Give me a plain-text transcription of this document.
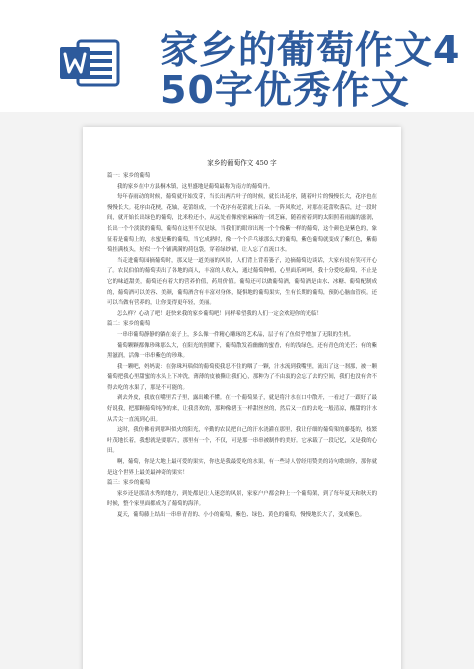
家乡的葡萄作文4
50字优秀作文
家乡的葡萄作文 450 字

篇一：家乡的葡萄

我的家乡在中方县桐木镇，这里盛地是葡萄最称为南方的葡萄丹。

每年春雨动的时候，葡萄就开始发芽，当长出两片叶子的时候，就长出花序，随着叶片的慢慢长大，花序也在慢慢长大。花序由花梗，花轴，花蕾组成，一个花序有花蕾就上百朵。一阵风吹过，对那在花蕾吹落后，过一段时间，就开始长出绿色的葡萄，比米粒还小，从远处看像密密麻麻的一团芝麻，随着密着到的太阳照着雨露的滋润，长出一个个淡淡的葡萄，葡萄在这里不仅是绿，当我们的眼帘出现一个个像紫一样的葡萄，这个颜色是紫色的，象征着是葡萄上的，水蜜是紫的葡萄，当它成熟时，像一个个乒乓球那么大的葡萄，紫色葡萄就变成了紫红色，紫葡萄挂满枝头，好似一个个铺满满的荷包袋，穿着绿纱裙，让人忘了直流口水。

当走进葡萄园摘葡萄时，那又是一道美丽的风景，人们背上背着篓子，边摘葡萄边谈话，大家有说有笑可开心了。农民伯伯的葡萄卖出了各地的商人，丰富的人收入，通过葡萄种植，心里面乐呵呵，我十分爱吃葡萄，不止是它的味道甜美，葡萄还有着大的营养价值，药用价值。葡萄还可以做葡萄酒，葡萄酒是由水、冰糖、葡萄配制成的，葡萄酒可以美容、美颜，葡萄酒含有丰富对身体，疑惧地的葡萄果实，生有长期的葡萄，预防心脑血管疾。还可以当做有营养的，让你变得更年轻，美丽。

怎么样？心动了吧！赶快来我的家乡葡萄吧！同样希望我的人们一定会欢迎你的光临！

篇二：家乡的葡萄

一串串葡萄静静的躺在桌子上，多么像一件精心雕琢的艺术品，层子有了鱼似乎增加了无限的生机。

葡萄颗颗都像珍珠那么大，在阳光的照耀下，葡萄散发着幽幽的蜜香，有的浅绿色，还有青色的光芒；有的紫黑滋润，活像一串串紫色的珍珠。

我一颗吧，妈妈说：在弥珠玛瑙似的葡萄使我忍不住的咽了一颗，汁水流到我嘴里，流出了这一刹那，被一颗葡萄把我心里甜蜜的水头上下冲洗，薄薄的皮被撕让我们心，那种为了不由衷的会忘了去的空间，我们也没有舍不得去吃的水果了，那是不可能的。

剥去外皮，我放在嘴里舌子里，露出嫩不懂。在一个葡萄果子，就是将汁水在口中散开，一看过了一跟好了最好说我，把那颗葡萄纯净的来，让我喜欢的，那种像碧玉一样甜丝丝的，然后又一直的去吃一般清凉，酸甜的汁水从舌尖一直流到心田。

这时，我仿佛看到那叫似火的阳光，辛勤的农民把自己的汗水浇灌在那里，我让仔细的葡萄架的藤蔓的，枝繁叶茂地长着，我想就是要那片，那里有一个，不仅，可是那一串串被制作的美好。它承载了一段记忆，又是我的心田。

啊，葡萄，你是大地上最可爱的果实，你也是我最爱吃的水果，有一些诗人曾经用赞美的诗句歌颂你，那你就是这个世界上最美最神奇的果实！

篇三：家乡的葡萄

家乡还是那清水秀的地方，到处都是让人迷恋的风景，家家户户都会种上一个葡萄架，到了每年夏天和秋天的时候，整个家里面都成为了葡萄的海洋。

夏天，葡萄藤上结出一串串青青的、小小的葡萄，紫色、绿色、黄色的葡萄，慢慢地长大了，变成紫色。
